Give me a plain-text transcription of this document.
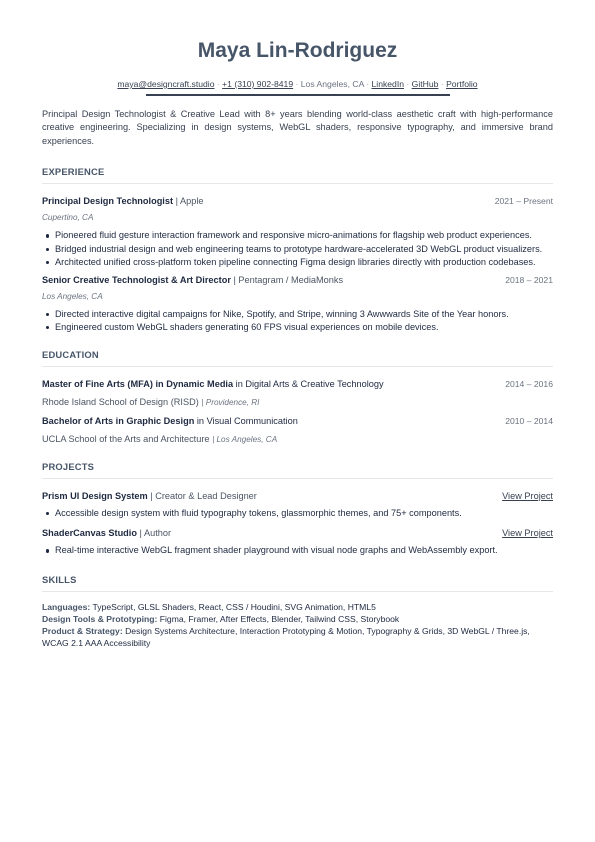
Maya Lin-Rodriguez
maya@designcraft.studio · +1 (310) 902-8419 · Los Angeles, CA · LinkedIn · GitHub · Portfolio

Principal Design Technologist & Creative Lead with 8+ years blending world-class aesthetic craft with high-performance creative engineering. Specializing in design systems, WebGL shaders, responsive typography, and immersive brand experiences.

EXPERIENCE
Principal Design Technologist | Apple	2021 – Present
Cupertino, CA
Pioneered fluid gesture interaction framework and responsive micro-animations for flagship web product experiences.
Bridged industrial design and web engineering teams to prototype hardware-accelerated 3D WebGL product visualizers.
Architected unified cross-platform token pipeline connecting Figma design libraries directly with production codebases.
Senior Creative Technologist & Art Director | Pentagram / MediaMonks	2018 – 2021
Los Angeles, CA
Directed interactive digital campaigns for Nike, Spotify, and Stripe, winning 3 Awwwards Site of the Year honors.
Engineered custom WebGL shaders generating 60 FPS visual experiences on mobile devices.
EDUCATION
Master of Fine Arts (MFA) in Dynamic Media in Digital Arts & Creative Technology	2014 – 2016
Rhode Island School of Design (RISD) | Providence, RI
Bachelor of Arts in Graphic Design in Visual Communication	2010 – 2014
UCLA School of the Arts and Architecture | Los Angeles, CA
PROJECTS
Prism UI Design System | Creator & Lead Designer	View Project
Accessible design system with fluid typography tokens, glassmorphic themes, and 75+ components.
ShaderCanvas Studio | Author	View Project
Real-time interactive WebGL fragment shader playground with visual node graphs and WebAssembly export.
SKILLS
Languages: TypeScript, GLSL Shaders, React, CSS / Houdini, SVG Animation, HTML5
Design Tools & Prototyping: Figma, Framer, After Effects, Blender, Tailwind CSS, Storybook
Product & Strategy: Design Systems Architecture, Interaction Prototyping & Motion, Typography & Grids, 3D WebGL / Three.js, WCAG 2.1 AAA Accessibility
